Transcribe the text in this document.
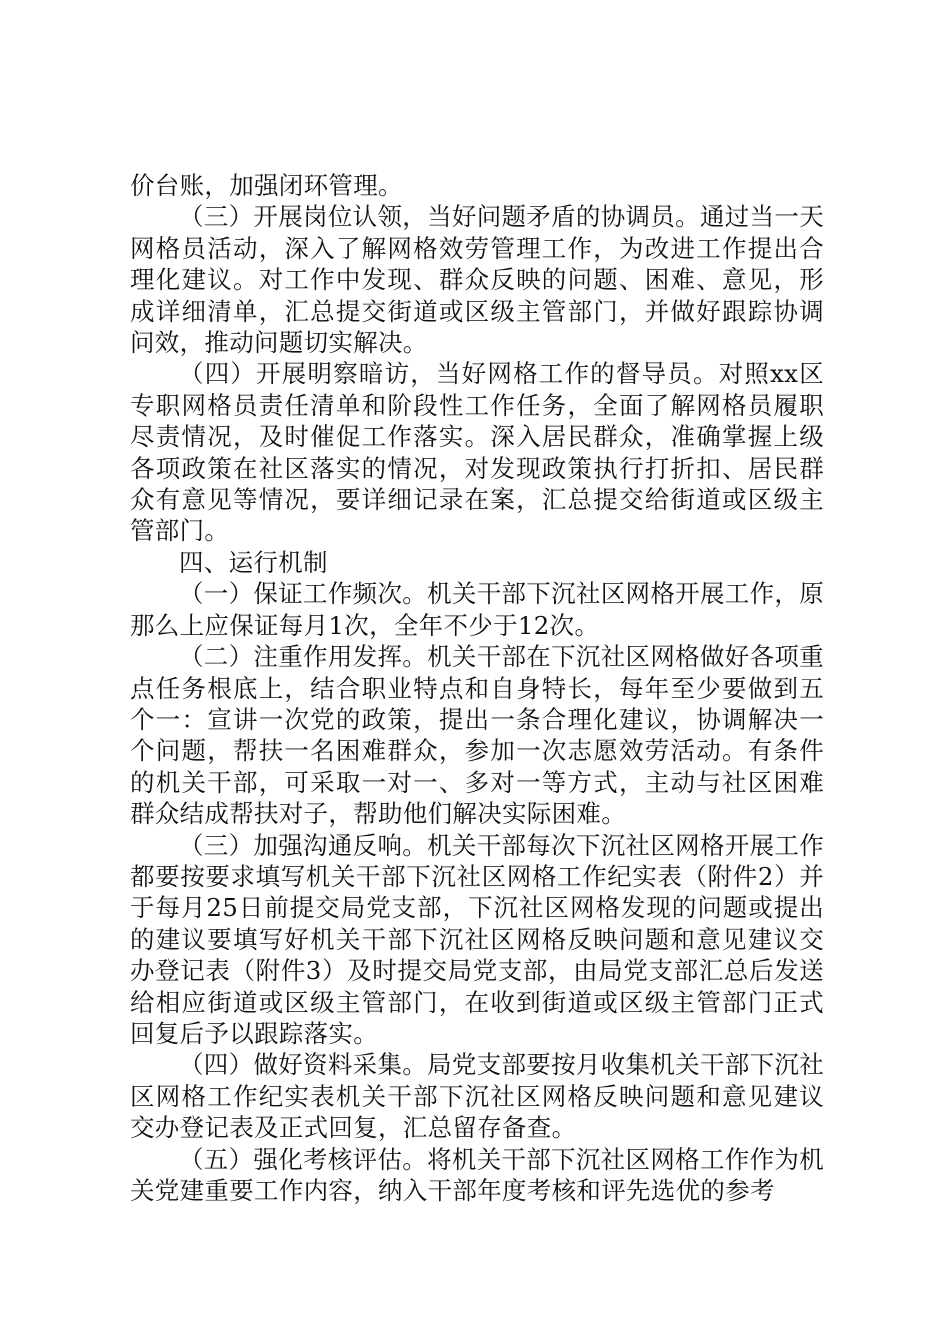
价台账，加强闭环管理。

（三）开展岗位认领，当好问题矛盾的协调员。通过当一天网格员活动，深入了解网格效劳管理工作，为改进工作提出合理化建议。对工作中发现、群众反映的问题、困难、意见，形成详细清单，汇总提交街道或区级主管部门，并做好跟踪协调问效，推动问题切实解决。

（四）开展明察暗访，当好网格工作的督导员。对照xx区专职网格员责任清单和阶段性工作任务，全面了解网格员履职尽责情况，及时催促工作落实。深入居民群众，准确掌握上级各项政策在社区落实的情况，对发现政策执行打折扣、居民群众有意见等情况，要详细记录在案，汇总提交给街道或区级主管部门。

四、运行机制

（一）保证工作频次。机关干部下沉社区网格开展工作，原那么上应保证每月1次，全年不少于12次。

（二）注重作用发挥。机关干部在下沉社区网格做好各项重点任务根底上，结合职业特点和自身特长，每年至少要做到五个一：宣讲一次党的政策，提出一条合理化建议，协调解决一个问题，帮扶一名困难群众，参加一次志愿效劳活动。有条件的机关干部，可采取一对一、多对一等方式，主动与社区困难群众结成帮扶对子，帮助他们解决实际困难。

（三）加强沟通反响。机关干部每次下沉社区网格开展工作都要按要求填写机关干部下沉社区网格工作纪实表（附件2）并于每月25日前提交局党支部，下沉社区网格发现的问题或提出的建议要填写好机关干部下沉社区网格反映问题和意见建议交办登记表（附件3）及时提交局党支部，由局党支部汇总后发送给相应街道或区级主管部门，在收到街道或区级主管部门正式回复后予以跟踪落实。

（四）做好资料采集。局党支部要按月收集机关干部下沉社区网格工作纪实表机关干部下沉社区网格反映问题和意见建议交办登记表及正式回复，汇总留存备查。

（五）强化考核评估。将机关干部下沉社区网格工作作为机关党建重要工作内容，纳入干部年度考核和评先选优的参考
